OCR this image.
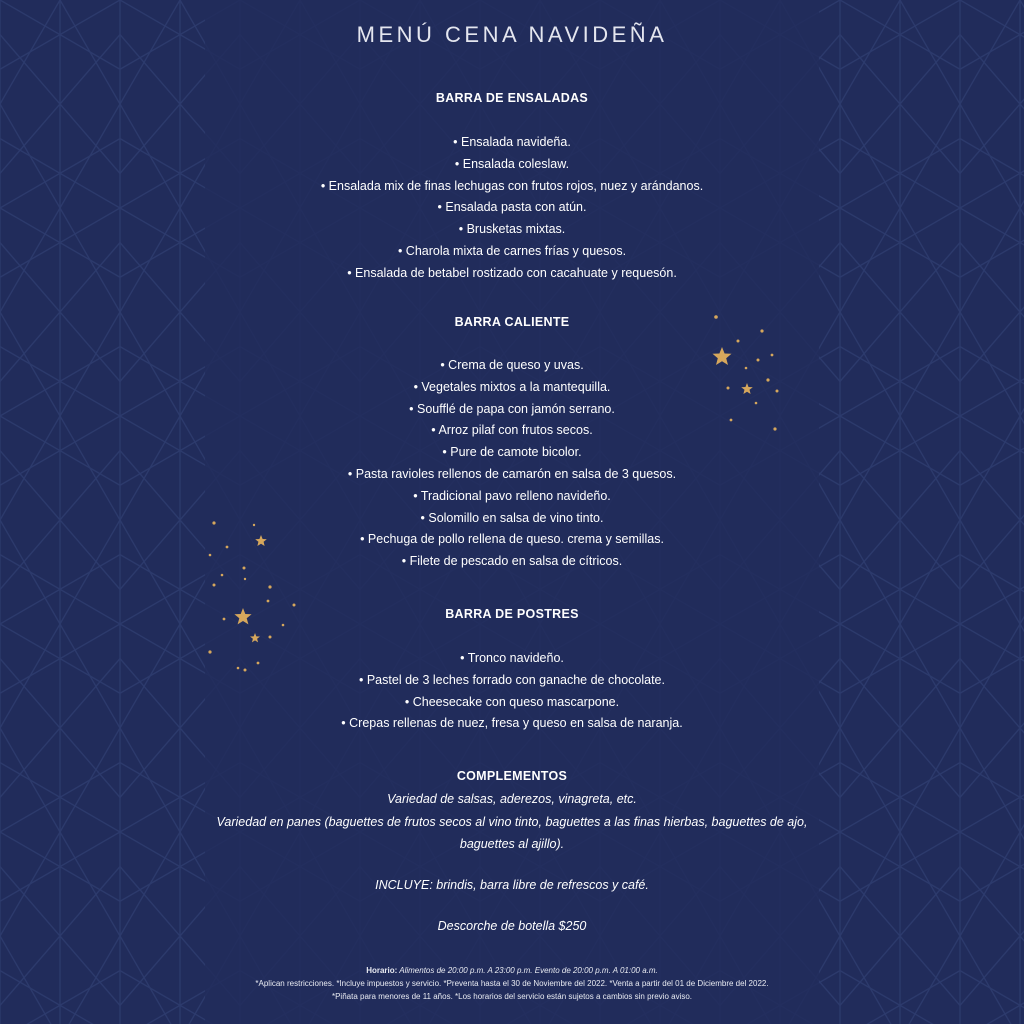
MENÚ CENA NAVIDEÑA
BARRA DE ENSALADAS
• Ensalada navideña.
• Ensalada coleslaw.
• Ensalada mix de finas lechugas con frutos rojos, nuez y arándanos.
• Ensalada pasta con atún.
• Brusketas mixtas.
• Charola mixta de carnes frías y quesos.
• Ensalada de betabel rostizado con cacahuate y requesón.
BARRA CALIENTE
• Crema de queso y uvas.
• Vegetales mixtos a la mantequilla.
• Soufflé de papa con jamón serrano.
• Arroz pilaf con frutos secos.
• Pure de camote bicolor.
• Pasta ravioles rellenos de camarón en salsa de 3 quesos.
• Tradicional pavo relleno navideño.
• Solomillo en salsa de vino tinto.
• Pechuga de pollo rellena de queso. crema y semillas.
• Filete de pescado en salsa de cítricos.
BARRA DE POSTRES
• Tronco navideño.
• Pastel de 3 leches forrado con ganache de chocolate.
• Cheesecake con queso mascarpone.
• Crepas rellenas de nuez, fresa y queso en salsa de naranja.
COMPLEMENTOS
Variedad de salsas, aderezos, vinagreta, etc.
Variedad en panes (baguettes de frutos secos al vino tinto, baguettes a las finas hierbas, baguettes de ajo, baguettes al ajillo).
INCLUYE: brindis, barra libre de refrescos y café.
Descorche de botella $250
Horario: Alimentos de 20:00 p.m. A 23:00 p.m. Evento de 20:00 p.m. A 01:00 a.m.
*Aplican restricciones. *Incluye impuestos y servicio. *Preventa hasta el 30 de Noviembre del 2022. *Venta a partir del 01 de Diciembre del 2022.
*Piñata para menores de 11 años. *Los horarios del servicio están sujetos a cambios sin previo aviso.
